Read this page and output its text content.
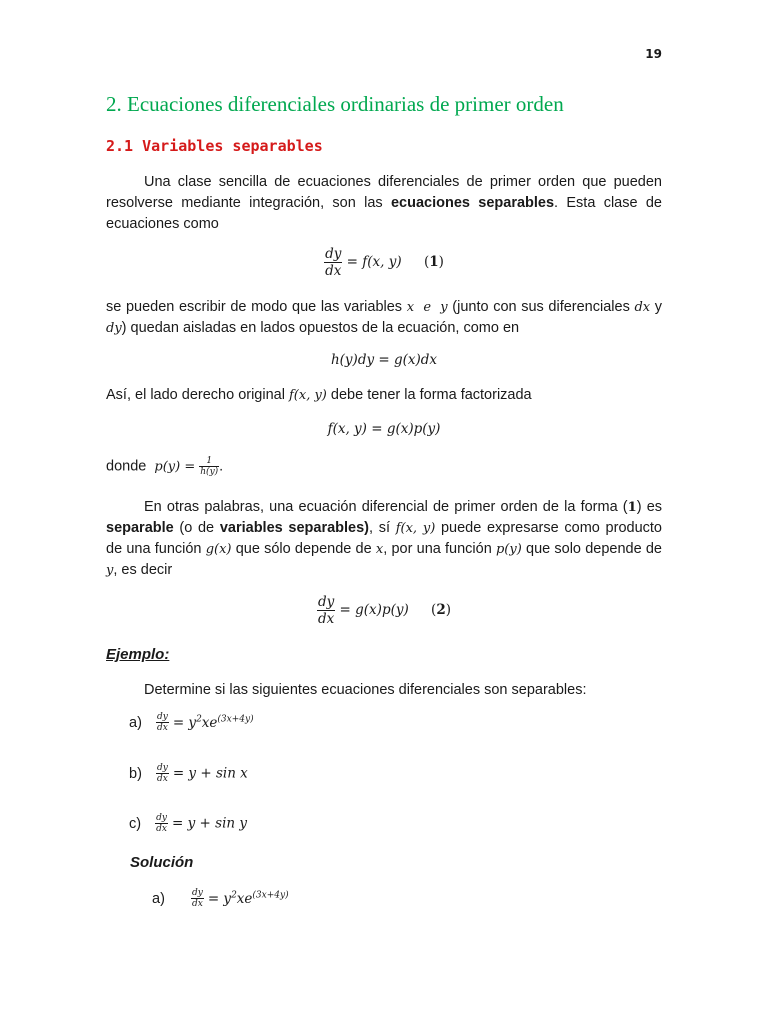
19
2. Ecuaciones diferenciales ordinarias de primer orden
2.1 Variables separables

Una clase sencilla de ecuaciones diferenciales de primer orden que pueden resolverse mediante integración, son las ecuaciones separables. Esta clase de ecuaciones como

$\frac{dy}{dx} = f(x$, y) (1)

se pueden escribir de modo que las variables x e y (junto con sus diferenciales dx y dy) quedan aisladas en lados opuestos de la ecuación, como en

h(y)dy = g(x)dx

Así, el lado derecho original f(x, y) debe tener la forma factorizada

f(x, y) = g(x)p(y)

donde  $p(y) = \frac{1}{h(y)}$ .

En otras palabras, una ecuación diferencial de primer orden de la forma (1) es separable (o de variables separables), sí f(x, y) puede expresarse como producto de una función g(x) que sólo depende de x, por una función p(y) que solo depende de y, es decir

$\frac{dy}{dx} = g(x)p(y)$ (2)

Ejemplo:

Determine si las siguientes ecuaciones diferenciales son separables:

$a) \frac{dy}{dx} = y^2xe^{(3x+4y)}$
$b) \frac{dy}{dx} = y + \sin x$
$c) \frac{dy}{dx} = y + \sin y$

Solución

a)	$\frac{dy}{dx} = y^2xe^{(3x+4y)}$
